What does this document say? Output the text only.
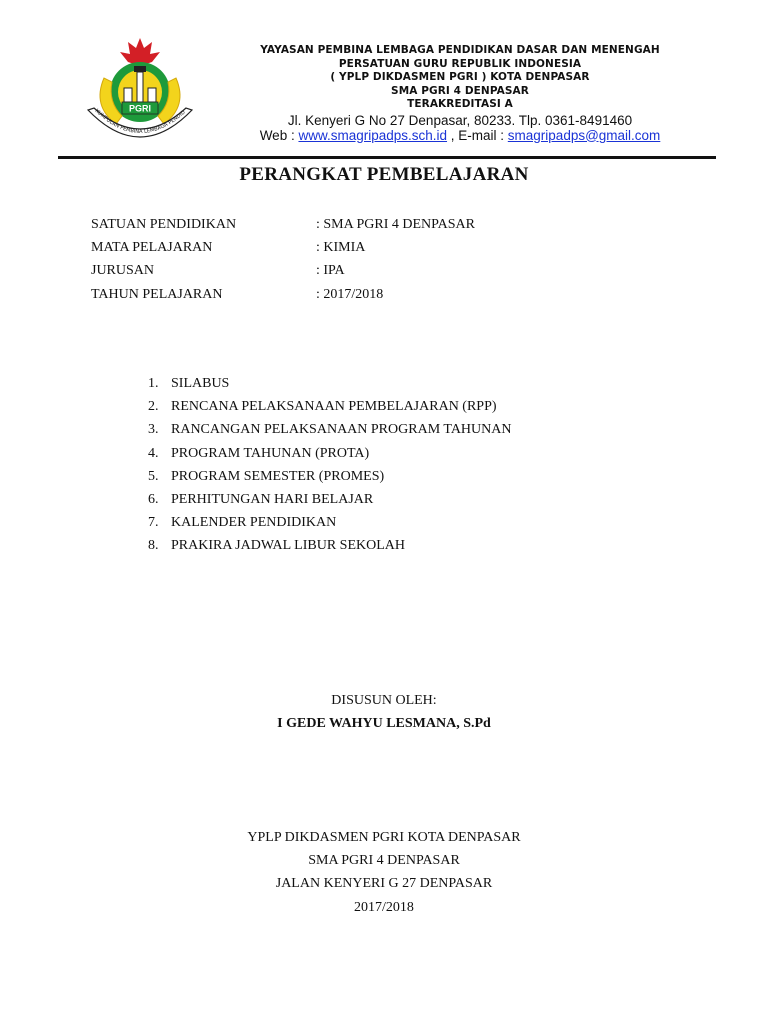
PGRI
KUMPULAN PEMBINA LEMBAGA PENDID
YAYASAN PEMBINA LEMBAGA PENDIDIKAN DASAR DAN MENENGAH
PERSATUAN GURU REPUBLIK INDONESIA
( YPLP DIKDASMEN PGRI ) KOTA DENPASAR
SMA PGRI 4 DENPASAR
TERAKREDITASI A
Jl. Kenyeri G No 27 Denpasar, 80233. Tlp. 0361-8491460
Web : www.smagripadps.sch.id , E-mail : smagripadps@gmail.com
PERANGKAT PEMBELAJARAN
SATUAN PENDIDIKAN	: SMA PGRI 4 DENPASAR
MATA PELAJARAN	: KIMIA
JURUSAN	: IPA
TAHUN PELAJARAN	: 2017/2018
1. SILABUS
2. RENCANA PELAKSANAAN PEMBELAJARAN (RPP)
3. RANCANGAN PELAKSANAAN PROGRAM TAHUNAN
4. PROGRAM TAHUNAN (PROTA)
5. PROGRAM SEMESTER (PROMES)
6. PERHITUNGAN HARI BELAJAR
7. KALENDER PENDIDIKAN
8. PRAKIRA JADWAL LIBUR SEKOLAH
DISUSUN OLEH:
I GEDE WAHYU LESMANA, S.Pd
YPLP DIKDASMEN PGRI KOTA DENPASAR
SMA PGRI 4 DENPASAR
JALAN KENYERI G 27 DENPASAR
2017/2018
